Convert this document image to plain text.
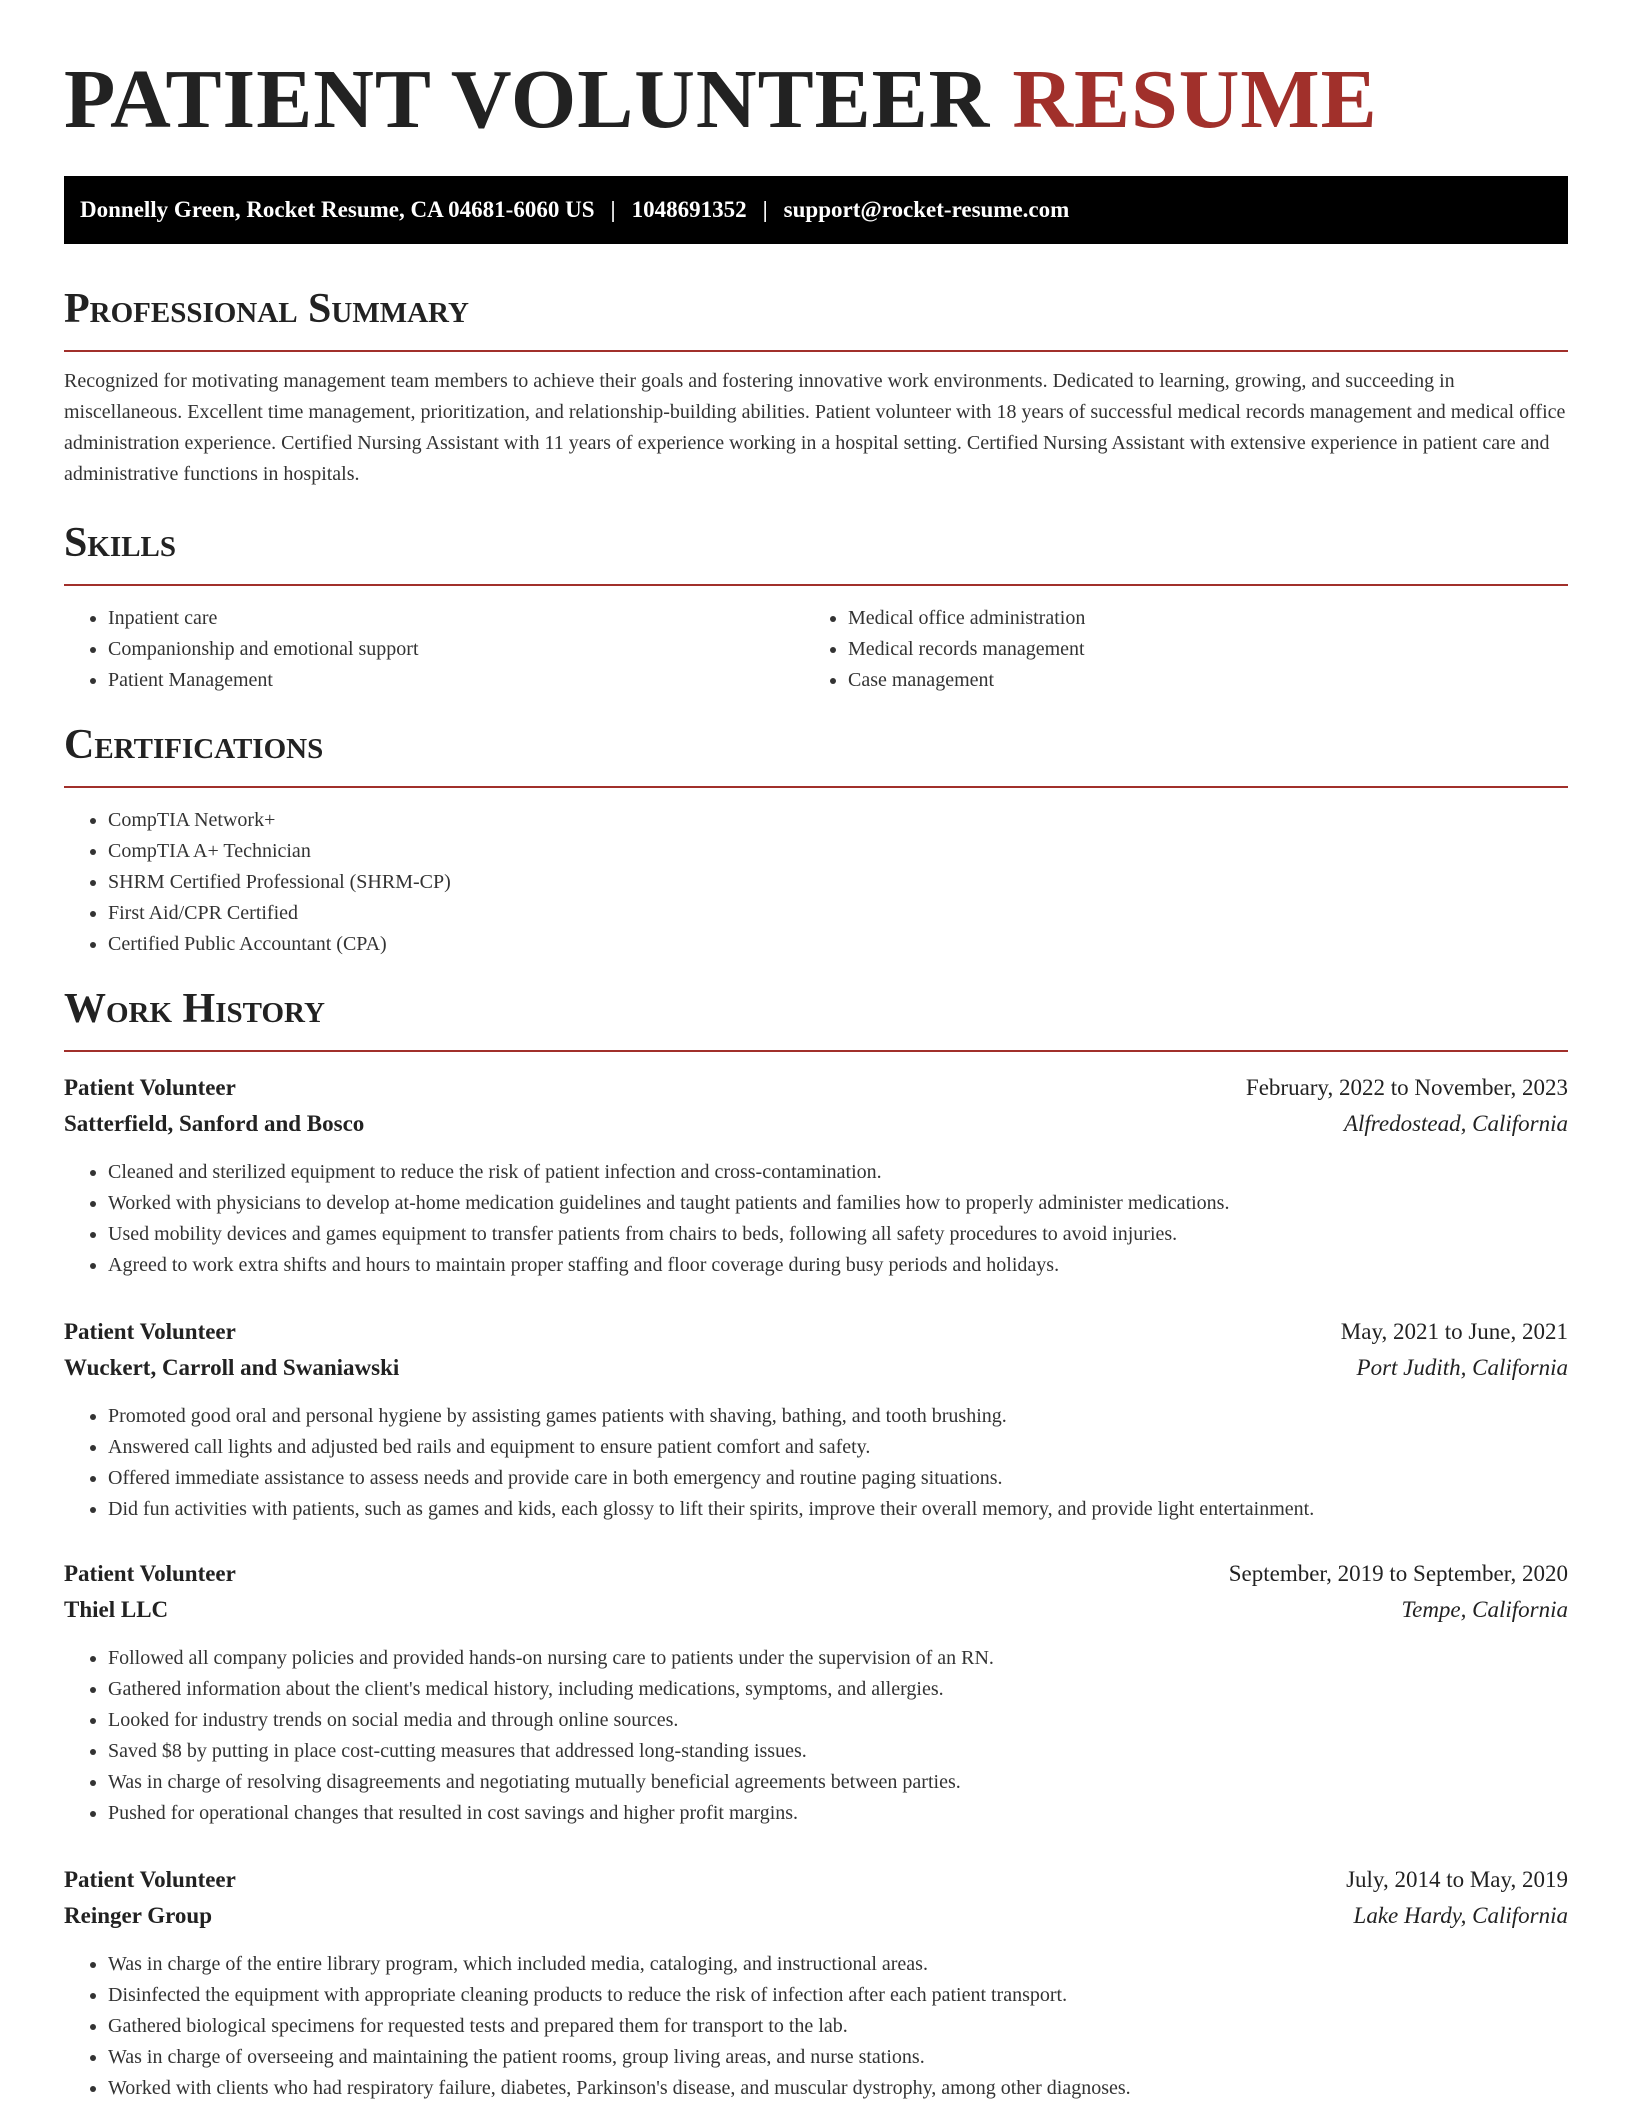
PATIENT VOLUNTEER RESUME
Donnelly Green, Rocket Resume, CA 04681-6060 US | 1048691352 | support@rocket-resume.com
Professional Summary

Recognized for motivating management team members to achieve their goals and fostering innovative work environments. Dedicated to learning, growing, and succeeding in miscellaneous. Excellent time management, prioritization, and relationship-building abilities. Patient volunteer with 18 years of successful medical records management and medical office administration experience. Certified Nursing Assistant with 11 years of experience working in a hospital setting. Certified Nursing Assistant with extensive experience in patient care and administrative functions in hospitals.

Skills
• Inpatient care
• Companionship and emotional support
• Patient Management
• Medical office administration
• Medical records management
• Case management
Certifications
• CompTIA Network+
• CompTIA A+ Technician
• SHRM Certified Professional (SHRM-CP)
• First Aid/CPR Certified
• Certified Public Accountant (CPA)
Work History
Patient Volunteer	February, 2022 to November, 2023
Satterfield, Sanford and Bosco	Alfredostead, California
• Cleaned and sterilized equipment to reduce the risk of patient infection and cross-contamination.
• Worked with physicians to develop at-home medication guidelines and taught patients and families how to properly administer medications.
• Used mobility devices and games equipment to transfer patients from chairs to beds, following all safety procedures to avoid injuries.
• Agreed to work extra shifts and hours to maintain proper staffing and floor coverage during busy periods and holidays.
Patient Volunteer	May, 2021 to June, 2021
Wuckert, Carroll and Swaniawski	Port Judith, California
• Promoted good oral and personal hygiene by assisting games patients with shaving, bathing, and tooth brushing.
• Answered call lights and adjusted bed rails and equipment to ensure patient comfort and safety.
• Offered immediate assistance to assess needs and provide care in both emergency and routine paging situations.
• Did fun activities with patients, such as games and kids, each glossy to lift their spirits, improve their overall memory, and provide light entertainment.
Patient Volunteer	September, 2019 to September, 2020
Thiel LLC	Tempe, California
• Followed all company policies and provided hands-on nursing care to patients under the supervision of an RN.
• Gathered information about the client's medical history, including medications, symptoms, and allergies.
• Looked for industry trends on social media and through online sources.
• Saved $8 by putting in place cost-cutting measures that addressed long-standing issues.
• Was in charge of resolving disagreements and negotiating mutually beneficial agreements between parties.
• Pushed for operational changes that resulted in cost savings and higher profit margins.
Patient Volunteer	July, 2014 to May, 2019
Reinger Group	Lake Hardy, California
• Was in charge of the entire library program, which included media, cataloging, and instructional areas.
• Disinfected the equipment with appropriate cleaning products to reduce the risk of infection after each patient transport.
• Gathered biological specimens for requested tests and prepared them for transport to the lab.
• Was in charge of overseeing and maintaining the patient rooms, group living areas, and nurse stations.
• Worked with clients who had respiratory failure, diabetes, Parkinson's disease, and muscular dystrophy, among other diagnoses.
